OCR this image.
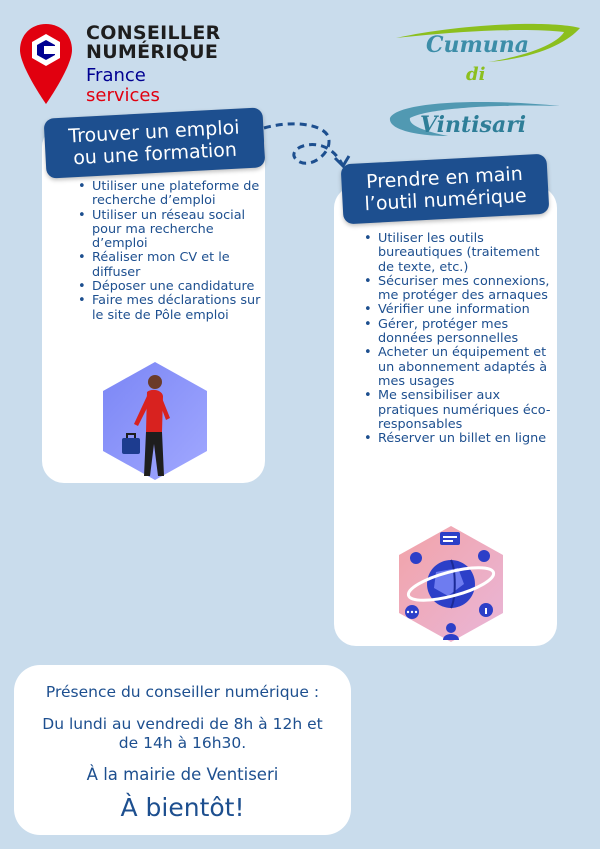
CONSEILLER
NUMÉRIQUE
France
services
Cumuna
di
Vintisari
Trouver un emploi
ou une formation
• Utiliser une plateforme de recherche d’emploi
• Utiliser un réseau social pour ma recherche d’emploi
• Réaliser mon CV et le diffuser
• Déposer une candidature
• Faire mes déclarations sur le site de Pôle emploi
Prendre en main
l’outil numérique
• Utiliser les outils bureautiques (traitement de texte, etc.)
• Sécuriser mes connexions, me protéger des arnaques
• Vérifier une information
• Gérer, protéger mes données personnelles
• Acheter un équipement et un abonnement adaptés à mes usages
• Me sensibiliser aux pratiques numériques éco-responsables
• Réserver un billet en ligne

Présence du conseiller numérique :

Du lundi au vendredi de 8h à 12h et de 14h à 16h30.

À la mairie de Ventiseri

À bientôt!
